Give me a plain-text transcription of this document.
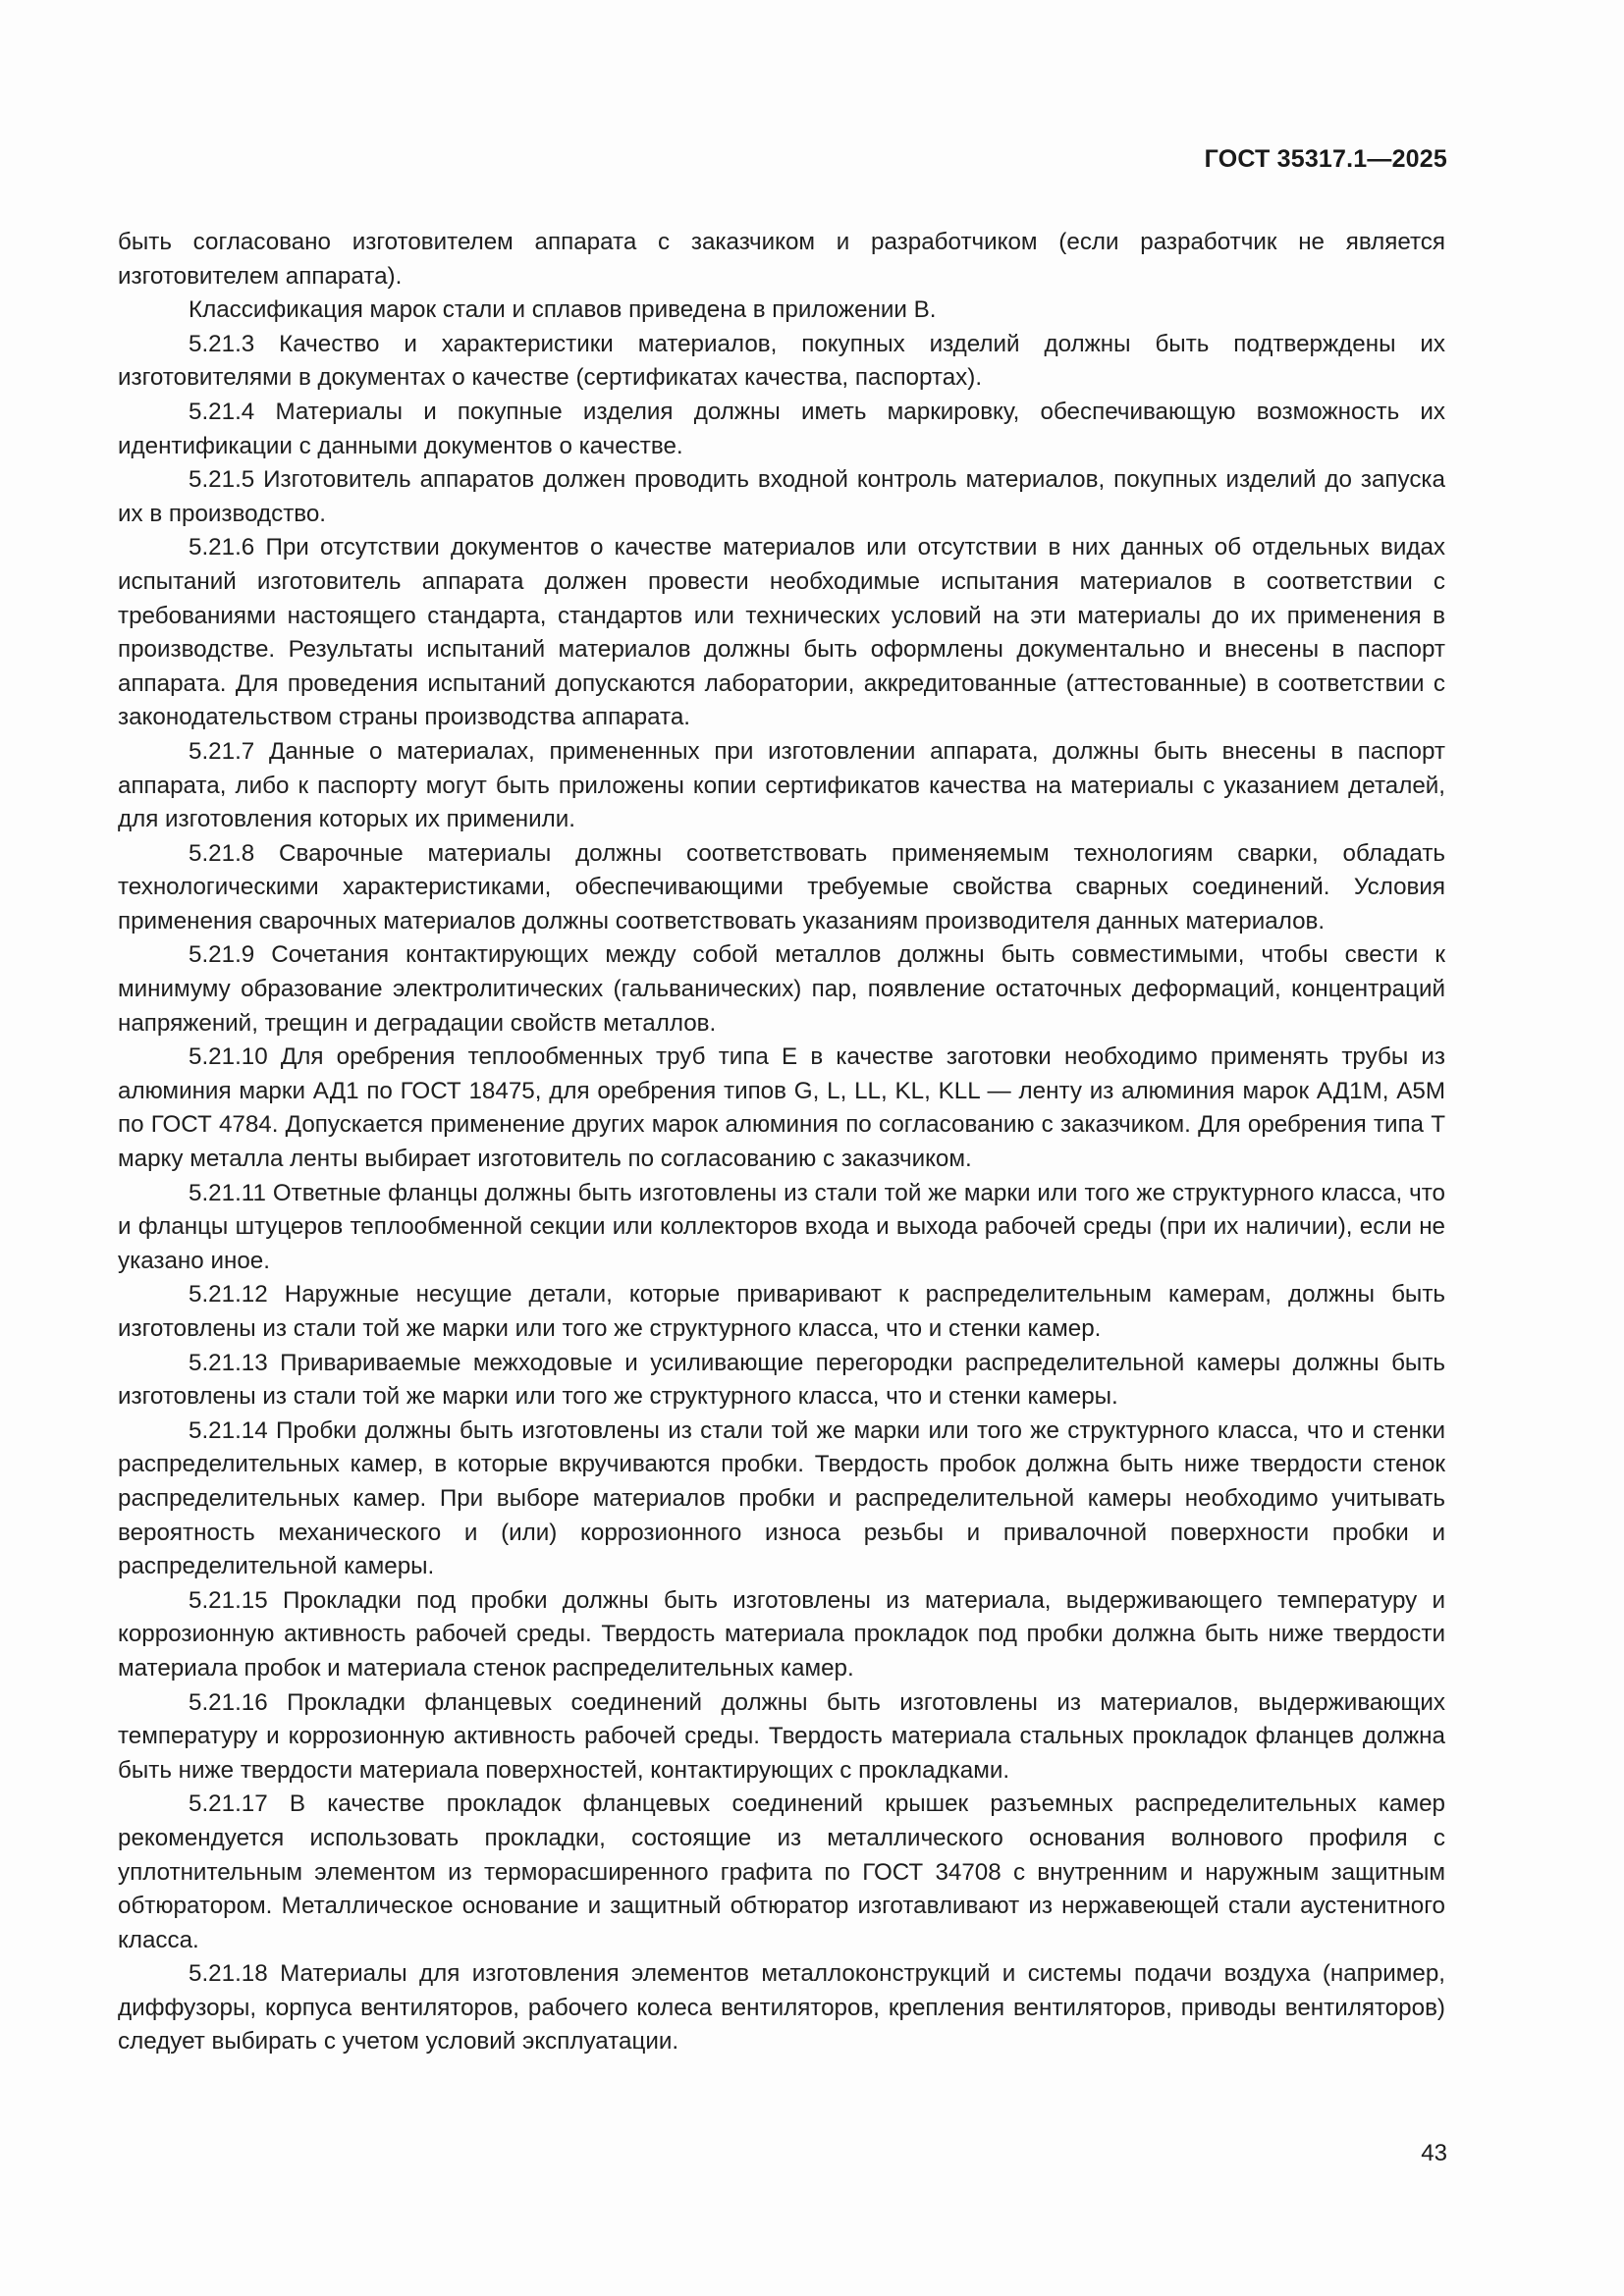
ГОСТ 35317.1—2025

быть согласовано изготовителем аппарата с заказчиком и разработчиком (если разработчик не является изготовителем аппарата).

Классификация марок стали и сплавов приведена в приложении В.

5.21.3 Качество и характеристики материалов, покупных изделий должны быть подтверждены их изготовителями в документах о качестве (сертификатах качества, паспортах).

5.21.4 Материалы и покупные изделия должны иметь маркировку, обеспечивающую возможность их идентификации с данными документов о качестве.

5.21.5 Изготовитель аппаратов должен проводить входной контроль материалов, покупных изделий до запуска их в производство.

5.21.6 При отсутствии документов о качестве материалов или отсутствии в них данных об отдельных видах испытаний изготовитель аппарата должен провести необходимые испытания материалов в соответствии с требованиями настоящего стандарта, стандартов или технических условий на эти материалы до их применения в производстве. Результаты испытаний материалов должны быть оформлены документально и внесены в паспорт аппарата. Для проведения испытаний допускаются лаборатории, аккредитованные (аттестованные) в соответствии с законодательством страны производства аппарата.

5.21.7 Данные о материалах, примененных при изготовлении аппарата, должны быть внесены в паспорт аппарата, либо к паспорту могут быть приложены копии сертификатов качества на материалы с указанием деталей, для изготовления которых их применили.

5.21.8 Сварочные материалы должны соответствовать применяемым технологиям сварки, обладать технологическими характеристиками, обеспечивающими требуемые свойства сварных соединений. Условия применения сварочных материалов должны соответствовать указаниям производителя данных материалов.

5.21.9 Сочетания контактирующих между собой металлов должны быть совместимыми, чтобы свести к минимуму образование электролитических (гальванических) пар, появление остаточных деформаций, концентраций напряжений, трещин и деградации свойств металлов.

5.21.10 Для оребрения теплообменных труб типа Е в качестве заготовки необходимо применять трубы из алюминия марки АД1 по ГОСТ 18475, для оребрения типов G, L, LL, KL, KLL — ленту из алюминия марок АД1М, А5М по ГОСТ 4784. Допускается применение других марок алюминия по согласованию с заказчиком. Для оребрения типа T марку металла ленты выбирает изготовитель по согласованию с заказчиком.

5.21.11 Ответные фланцы должны быть изготовлены из стали той же марки или того же структурного класса, что и фланцы штуцеров теплообменной секции или коллекторов входа и выхода рабочей среды (при их наличии), если не указано иное.

5.21.12 Наружные несущие детали, которые приваривают к распределительным камерам, должны быть изготовлены из стали той же марки или того же структурного класса, что и стенки камер.

5.21.13 Привариваемые межходовые и усиливающие перегородки распределительной камеры должны быть изготовлены из стали той же марки или того же структурного класса, что и стенки камеры.

5.21.14 Пробки должны быть изготовлены из стали той же марки или того же структурного класса, что и стенки распределительных камер, в которые вкручиваются пробки. Твердость пробок должна быть ниже твердости стенок распределительных камер. При выборе материалов пробки и распределительной камеры необходимо учитывать вероятность механического и (или) коррозионного износа резьбы и привалочной поверхности пробки и распределительной камеры.

5.21.15 Прокладки под пробки должны быть изготовлены из материала, выдерживающего температуру и коррозионную активность рабочей среды. Твердость материала прокладок под пробки должна быть ниже твердости материала пробок и материала стенок распределительных камер.

5.21.16 Прокладки фланцевых соединений должны быть изготовлены из материалов, выдерживающих температуру и коррозионную активность рабочей среды. Твердость материала стальных прокладок фланцев должна быть ниже твердости материала поверхностей, контактирующих с прокладками.

5.21.17 В качестве прокладок фланцевых соединений крышек разъемных распределительных камер рекомендуется использовать прокладки, состоящие из металлического основания волнового профиля с уплотнительным элементом из терморасширенного графита по ГОСТ 34708 с внутренним и наружным защитным обтюратором. Металлическое основание и защитный обтюратор изготавливают из нержавеющей стали аустенитного класса.

5.21.18 Материалы для изготовления элементов металлоконструкций и системы подачи воздуха (например, диффузоры, корпуса вентиляторов, рабочего колеса вентиляторов, крепления вентиляторов, приводы вентиляторов) следует выбирать с учетом условий эксплуатации.

43
